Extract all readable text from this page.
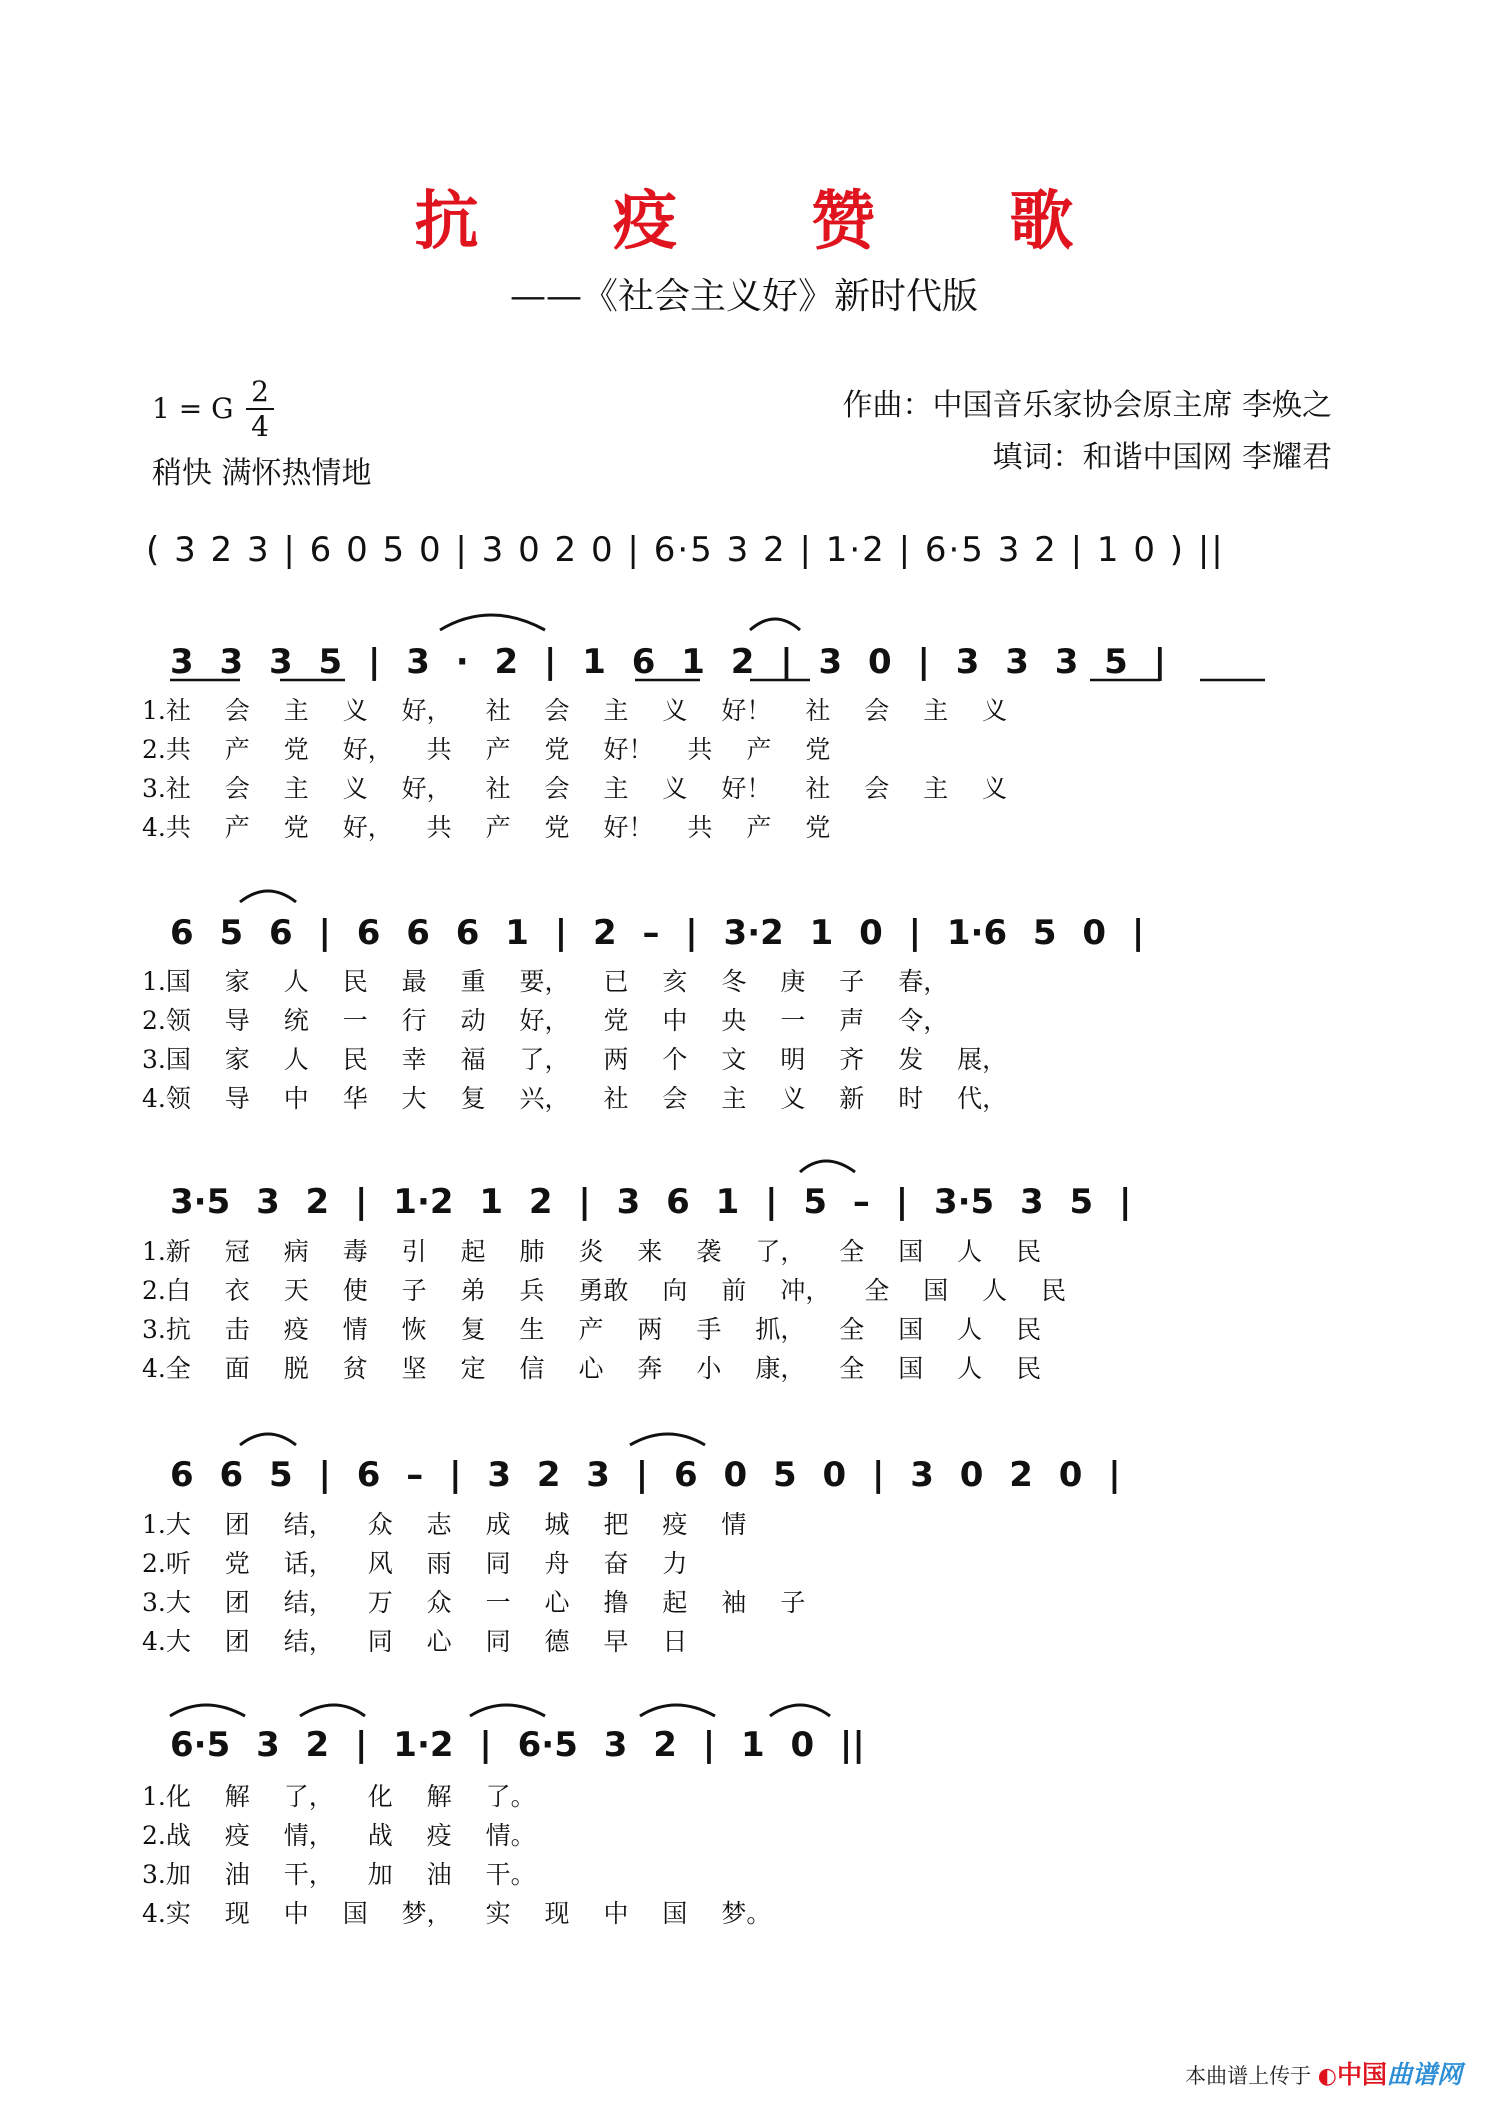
抗 疫 赞 歌
——《社会主义好》新时代版
1 = G $\frac{2}{4}$
稍快 满怀热情地
作曲：中国音乐家协会原主席 李焕之
填词：和谐中国网 李耀君
( 3 2 3 | 6 0 5 0 | 3 0 2 0 | 6·5 3 2 | 1·2 | 6·5 3 2 | 1 0 ) ||
3 3 3 5 | 3 · 2 | 1 6 1 2 | 3 0 | 3 3 3 5 |
1.社 会 主 义 好， 社 会 主 义 好！ 社 会 主 义
2.共 产 党 好， 共 产 党 好！ 共 产 党
3.社 会 主 义 好， 社 会 主 义 好！ 社 会 主 义
4.共 产 党 好， 共 产 党 好！ 共 产 党
6 5 6 | 6 6 6 1 | 2 – | 3·2 1 0 | 1·6 5 0 |
1.国 家 人 民 最 重 要， 已 亥 冬 庚 子 春，
2.领 导 统 一 行 动 好， 党 中 央 一 声 令，
3.国 家 人 民 幸 福 了， 两 个 文 明 齐 发 展，
4.领 导 中 华 大 复 兴， 社 会 主 义 新 时 代，
3·5 3 2 | 1·2 1 2 | 3 6 1 | 5 – | 3·5 3 5 |
1.新 冠 病 毒 引 起 肺 炎 来 袭 了， 全 国 人 民
2.白 衣 天 使 子 弟 兵 勇敢 向 前 冲， 全 国 人 民
3.抗 击 疫 情 恢 复 生 产 两 手 抓， 全 国 人 民
4.全 面 脱 贫 坚 定 信 心 奔 小 康， 全 国 人 民
6 6 5 | 6 – | 3 2 3 | 6 0 5 0 | 3 0 2 0 |
1.大 团 结， 众 志 成 城 把 疫 情
2.听 党 话， 风 雨 同 舟 奋 力
3.大 团 结， 万 众 一 心 撸 起 袖 子
4.大 团 结， 同 心 同 德 早 日
6·5 3 2 | 1·2 | 6·5 3 2 | 1 0 ||
1.化 解 了， 化 解 了。
2.战 疫 情， 战 疫 情。
3.加 油 干， 加 油 干。
4.实 现 中 国 梦， 实 现 中 国 梦。
本曲谱上传于 ◐中国曲谱网
